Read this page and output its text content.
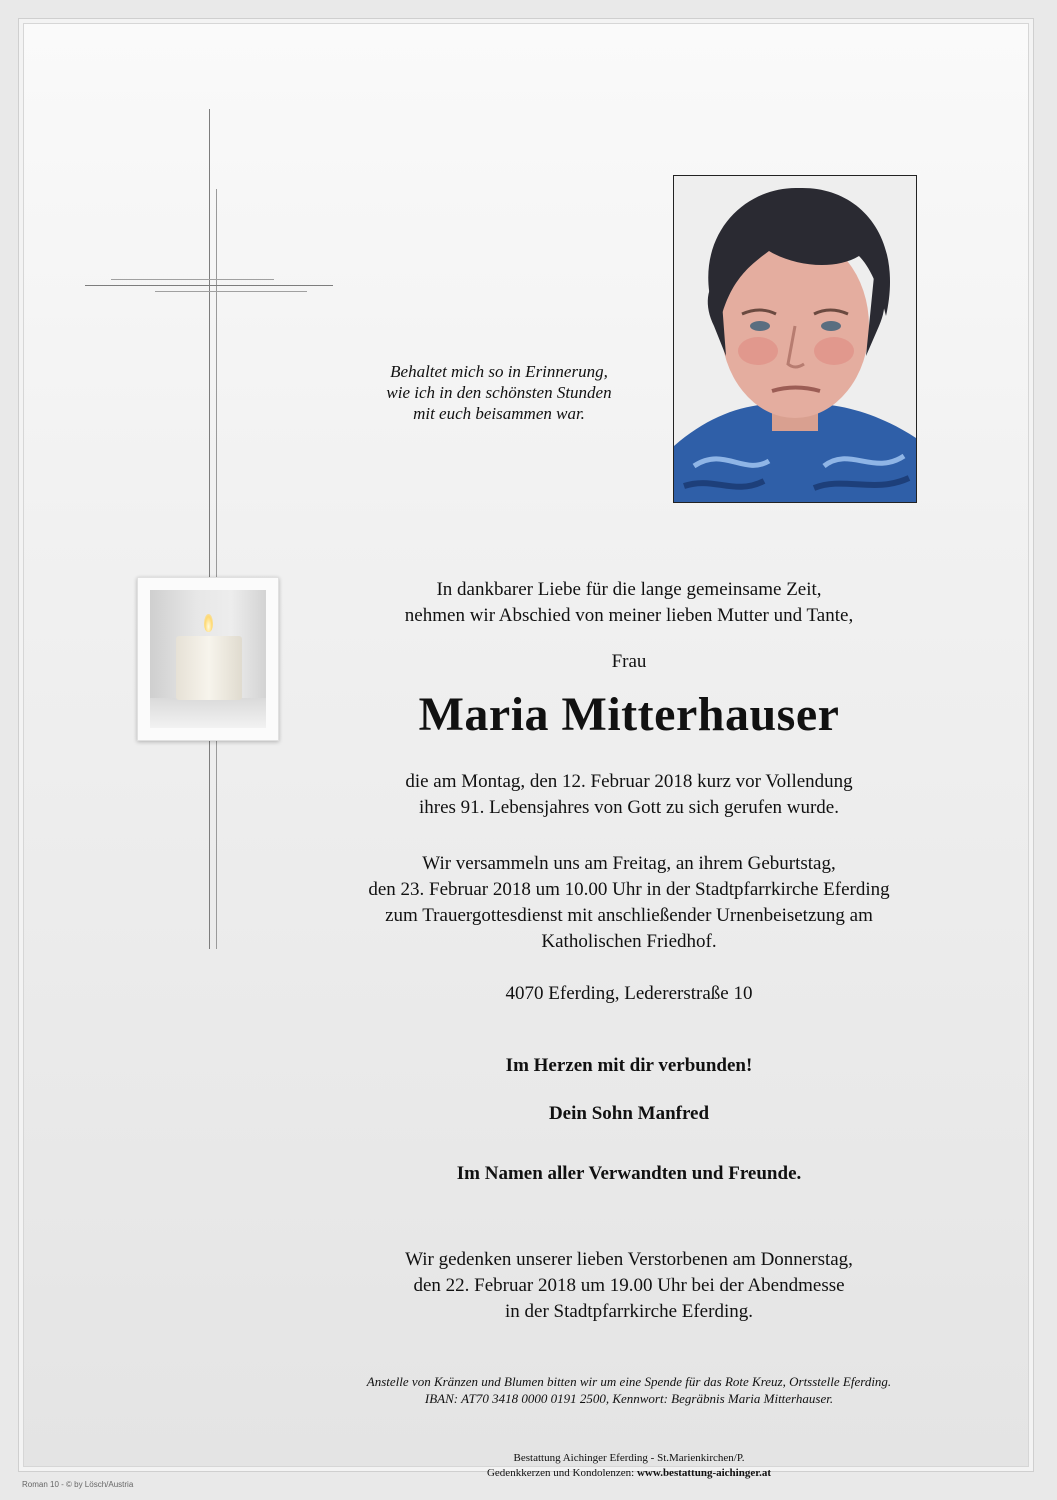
Behaltet mich so in Erinnerung,
wie ich in den schönsten Stunden
mit euch beisammen war.
In dankbarer Liebe für die lange gemeinsame Zeit,
nehmen wir Abschied von meiner lieben Mutter und Tante,
Frau
Maria Mitterhauser
die am Montag, den 12. Februar 2018 kurz vor Vollendung
ihres 91. Lebensjahres von Gott zu sich gerufen wurde.
Wir versammeln uns am Freitag, an ihrem Geburtstag,
den 23. Februar 2018 um 10.00 Uhr in der Stadtpfarrkirche Eferding
zum Trauergottesdienst mit anschließender Urnenbeisetzung am
Katholischen Friedhof.
4070 Eferding, Ledererstraße 10
Im Herzen mit dir verbunden!
Dein Sohn Manfred
Im Namen aller Verwandten und Freunde.
Wir gedenken unserer lieben Verstorbenen am Donnerstag,
den 22. Februar 2018 um 19.00 Uhr bei der Abendmesse
in der Stadtpfarrkirche Eferding.
Anstelle von Kränzen und Blumen bitten wir um eine Spende für das Rote Kreuz, Ortsstelle Eferding.
IBAN: AT70 3418 0000 0191 2500, Kennwort: Begräbnis Maria Mitterhauser.
Bestattung Aichinger Eferding - St.Marienkirchen/P.
Gedenkkerzen und Kondolenzen: www.bestattung-aichinger.at
Roman 10 - © by Lösch/Austria
